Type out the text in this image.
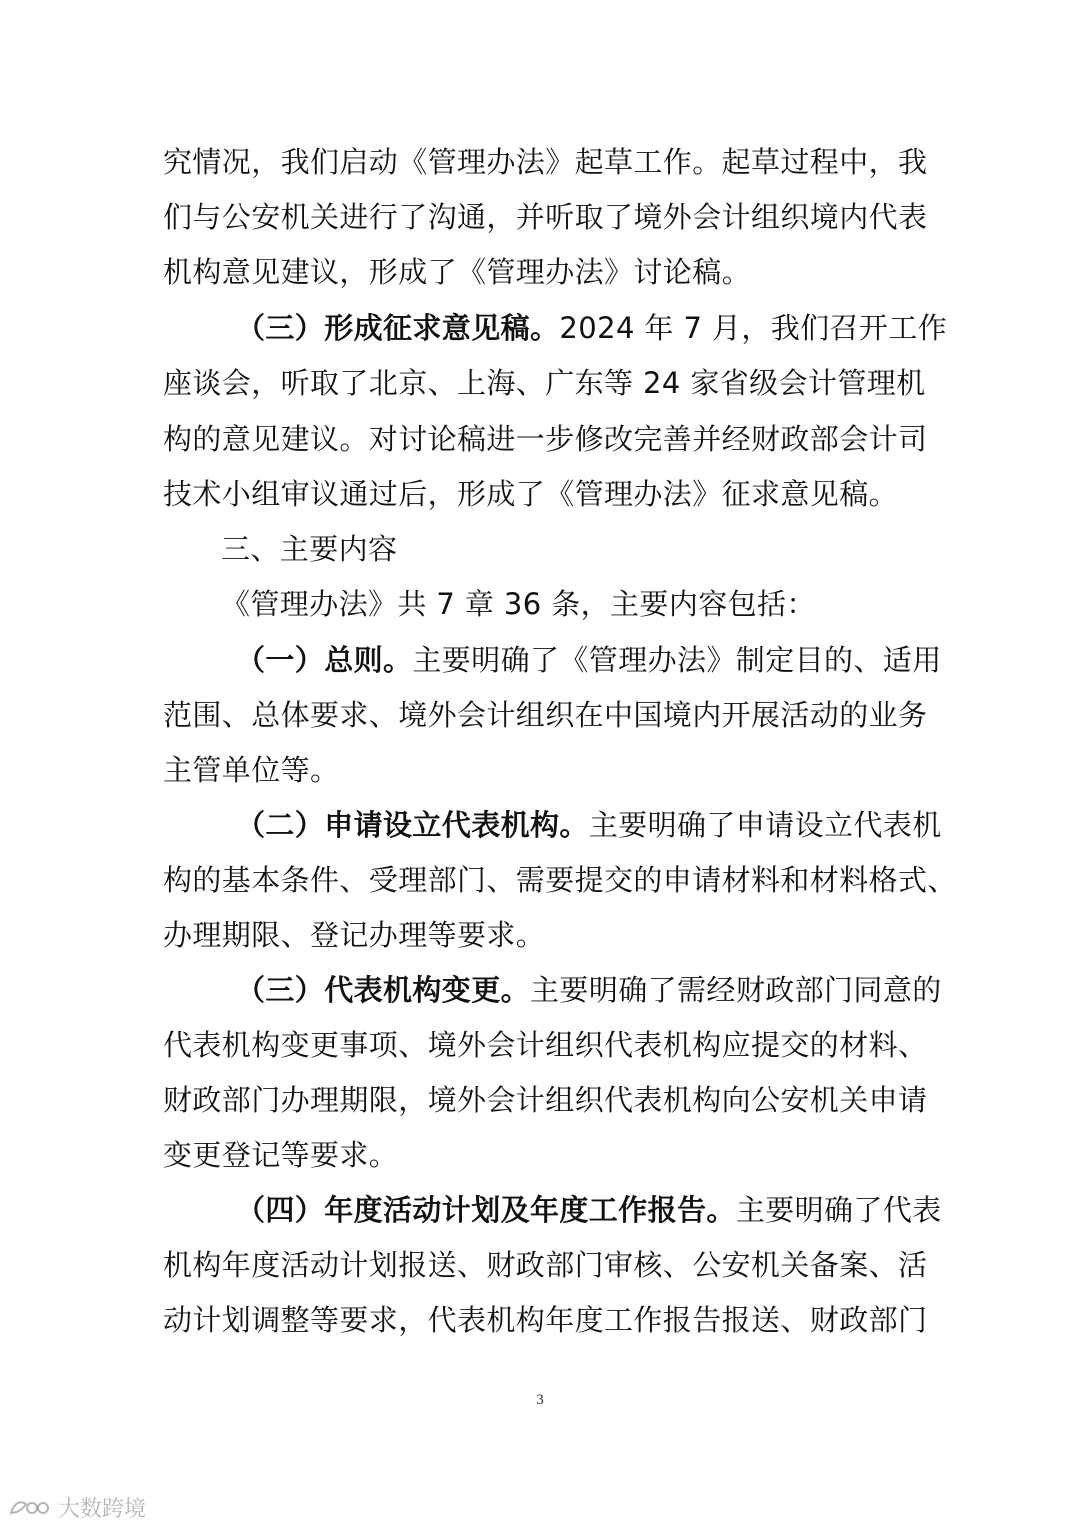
究情况，我们启动《管理办法》起草工作。起草过程中，我
们与公安机关进行了沟通，并听取了境外会计组织境内代表
机构意见建议，形成了《管理办法》讨论稿。
（三）形成征求意见稿。2024 年 7 月，我们召开工作
座谈会，听取了北京、上海、广东等 24 家省级会计管理机
构的意见建议。对讨论稿进一步修改完善并经财政部会计司
技术小组审议通过后，形成了《管理办法》征求意见稿。
三、主要内容
《管理办法》共 7 章 36 条，主要内容包括：
（一）总则。主要明确了《管理办法》制定目的、适用
范围、总体要求、境外会计组织在中国境内开展活动的业务
主管单位等。
（二）申请设立代表机构。主要明确了申请设立代表机
构的基本条件、受理部门、需要提交的申请材料和材料格式、
办理期限、登记办理等要求。
（三）代表机构变更。主要明确了需经财政部门同意的
代表机构变更事项、境外会计组织代表机构应提交的材料、
财政部门办理期限，境外会计组织代表机构向公安机关申请
变更登记等要求。
（四）年度活动计划及年度工作报告。主要明确了代表
机构年度活动计划报送、财政部门审核、公安机关备案、活
动计划调整等要求，代表机构年度工作报告报送、财政部门
3
大数跨境
